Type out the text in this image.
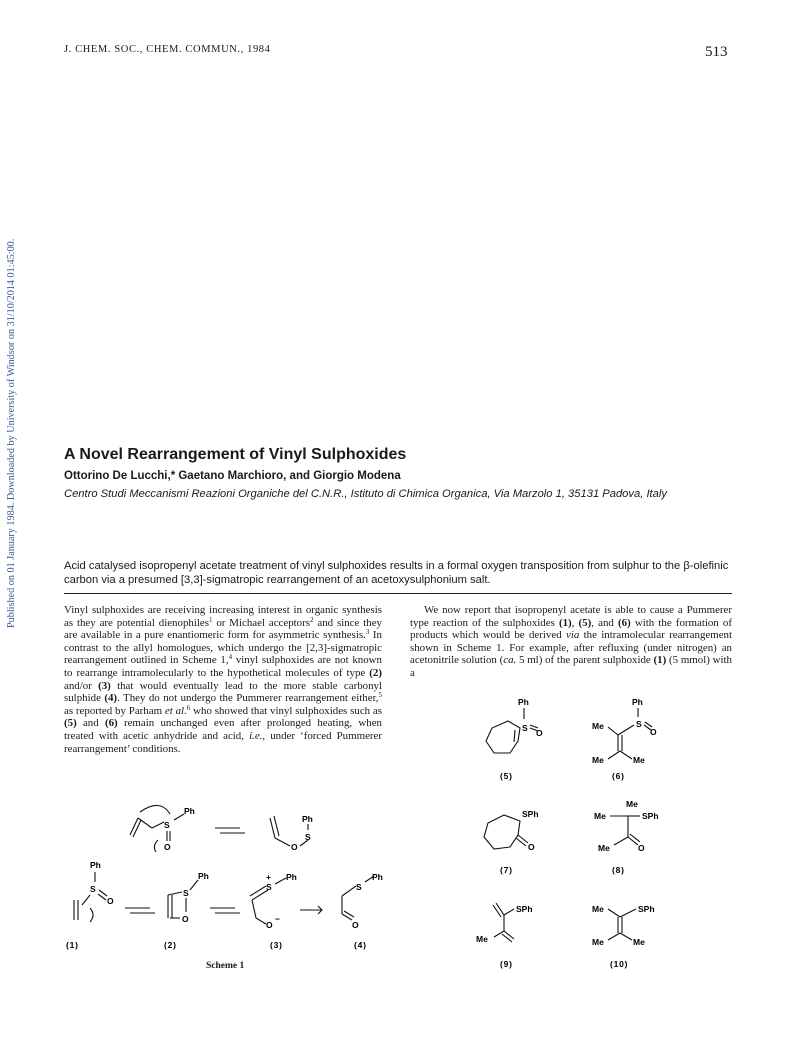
J. CHEM. SOC., CHEM. COMMUN., 1984	513
Published on 01 January 1984. Downloaded by University of Windsor on 31/10/2014 01:45:00.	A Novel Rearrangement of Vinyl Sulphoxides
Ottorino De Lucchi,* Gaetano Marchioro, and Giorgio Modena
Centro Studi Meccanismi Reazioni Organiche del C.N.R., Istituto di Chimica Organica, Via Marzolo 1, 35131 Padova, Italy
Acid catalysed isopropenyl acetate treatment of vinyl sulphoxides results in a formal oxygen transposition from sulphur to the β-olefinic carbon via a presumed [3,3]-sigmatropic rearrangement of an acetoxysulphonium salt.

Vinyl sulphoxides are receiving increasing interest in organic synthesis as they are potential dienophiles$^1$ or Michael acceptors$^2$ and since they are available in a pure enantiomeric form for asymmetric synthesis.$^3$ In contrast to the allyl homologues, which undergo the [2,3]-sigmatropic rearrangement outlined in Scheme 1,$^4$ vinyl sulphoxides are not known to rearrange intramolecularly to the hypothetical molecules of type (2) and/or (3) that would eventually lead to the more stable carbonyl sulphide (4). They do not undergo the Pummerer rearrangement either,$^5$ as reported by Parham et al.$^6$ who showed that vinyl sulphoxides such as (5) and (6) remain unchanged even after prolonged heating, when treated with acetic anhydride and acid, i.e., under ‘forced Pummerer rearrangement’ conditions.

We now report that isopropenyl acetate is able to cause a Pummerer type reaction of the sulphoxides (1), (5), and (6) with the formation of products which would be derived via the intramolecular rearrangement shown in Scheme 1. For example, after refluxing (under nitrogen) an acetonitrile solution (ca. 5 ml) of the parent sulphoxide (1) (5 mmol) with a

S
Ph
O	O
S
Ph
Ph
S
O
S
Ph
O
S
+ Ph
O
−
S
Ph
O
(1)	(2)	(3)	(4)
Scheme 1
Ph
S O
(5)
Ph
S
O
Me
Me	Me
(6)
SPh
O
(7)
Me
Me	SPh
Me	O
(8)
SPh
Me
(9)
Me	SPh
Me	Me
(10)
